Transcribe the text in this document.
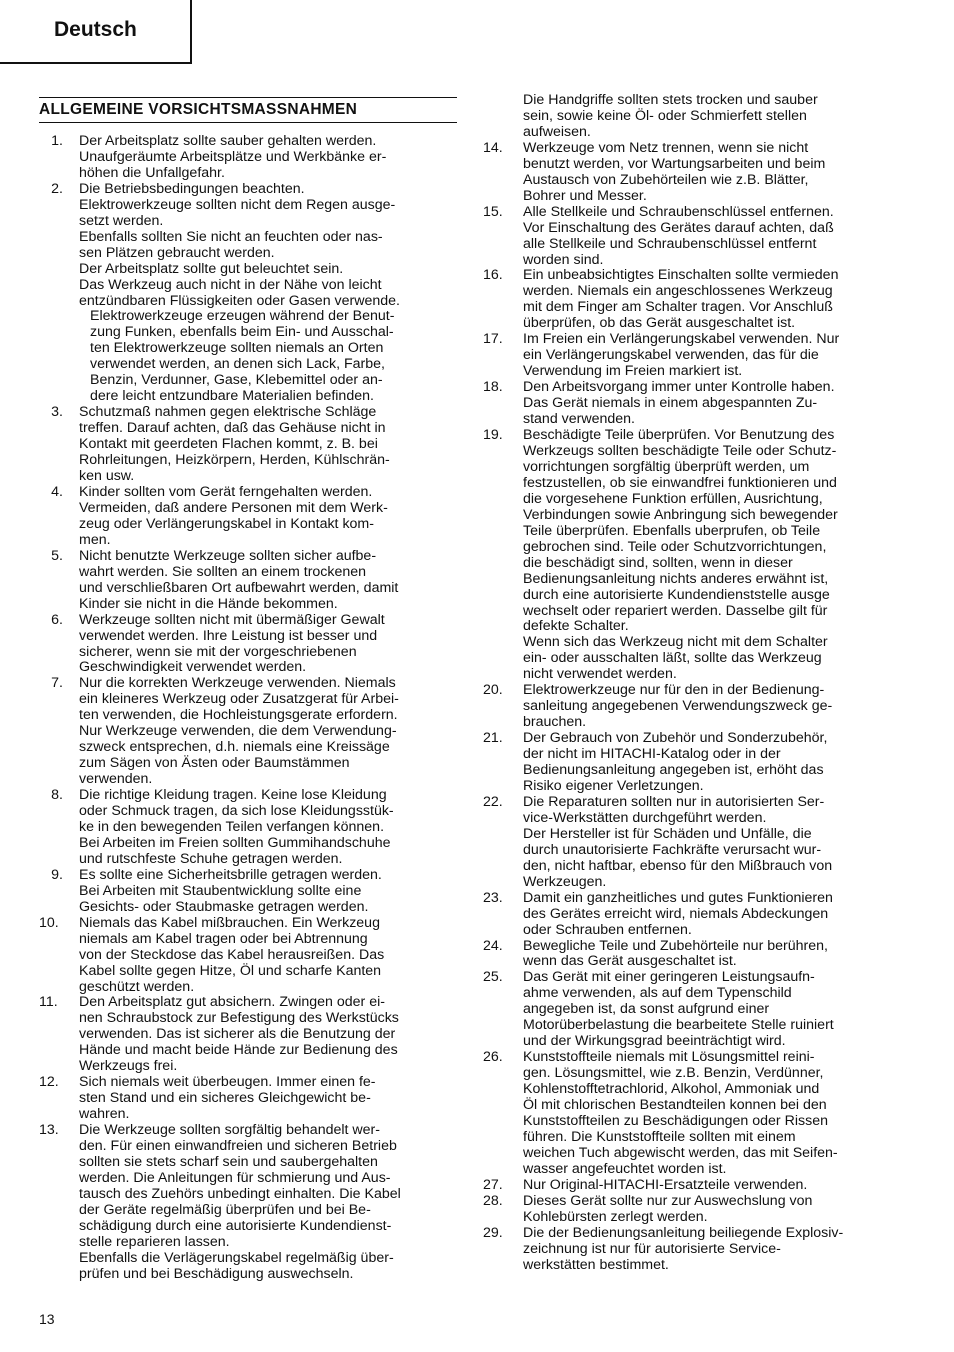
Deutsch
ALLGEMEINE VORSICHTSMASSNAHMEN
1. Der Arbeitsplatz sollte sauber gehalten werden.
Unaufgeräumte Arbeitsplätze und Werkbänke er-
höhen die Unfallgefahr.

2. Die Betriebsbedingungen beachten.
Elektrowerkzeuge sollten nicht dem Regen ausge-
setzt werden.
Ebenfalls sollten Sie nicht an feuchten oder nas-
sen Plätzen gebraucht werden.
Der Arbeitsplatz sollte gut beleuchtet sein.
Das Werkzeug auch nicht in der Nähe von leicht
entzündbaren Flüssigkeiten oder Gasen verwende.

Elektrowerkzeuge erzeugen während der Benut-
zung Funken, ebenfalls beim Ein- und Ausschal-
ten Elektrowerkzeuge sollten niemals an Orten
verwendet werden, an denen sich Lack, Farbe,
Benzin, Verdunner, Gase, Klebemittel oder an-
dere leicht entzundbare Materialien befinden.

3. Schutzmaß nahmen gegen elektrische Schläge
treffen. Darauf achten, daß das Gehäuse nicht in
Kontakt mit geerdeten Flachen kommt, z. B. bei
Rohrleitungen, Heizkörpern, Herden, Kühlschrän-
ken usw.

4. Kinder sollten vom Gerät ferngehalten werden.
Vermeiden, daß andere Personen mit dem Werk-
zeug oder Verlängerungskabel in Kontakt kom-
men.

5. Nicht benutzte Werkzeuge sollten sicher aufbe-
wahrt werden. Sie sollten an einem trockenen
und verschließbaren Ort aufbewahrt werden, damit
Kinder sie nicht in die Hände bekommen.

6. Werkzeuge sollten nicht mit übermäßiger Gewalt
verwendet werden. Ihre Leistung ist besser und
sicherer, wenn sie mit der vorgeschriebenen
Geschwindigkeit verwendet werden.

7. Nur die korrekten Werkzeuge verwenden. Niemals
ein kleineres Werkzeug oder Zusatzgerat für Arbei-
ten verwenden, die Hochleistungsgerate erfordern.
Nur Werkzeuge verwenden, die dem Verwendung-
szweck entsprechen, d.h. niemals eine Kreissäge
zum Sägen von Ästen oder Baumstämmen
verwenden.

8. Die richtige Kleidung tragen. Keine lose Kleidung
oder Schmuck tragen, da sich lose Kleidungsstük-
ke in den bewegenden Teilen verfangen können.
Bei Arbeiten im Freien sollten Gummihandschuhe
und rutschfeste Schuhe getragen werden.

9. Es sollte eine Sicherheitsbrille getragen werden.
Bei Arbeiten mit Staubentwicklung sollte eine
Gesichts- oder Staubmaske getragen werden.

10. Niemals das Kabel mißbrauchen. Ein Werkzeug
niemals am Kabel tragen oder bei Abtrennung
von der Steckdose das Kabel herausreißen. Das
Kabel sollte gegen Hitze, Öl und scharfe Kanten
geschützt werden.

11. Den Arbeitsplatz gut absichern. Zwingen oder ei-
nen Schraubstock zur Befestigung des Werkstücks
verwenden. Das ist sicherer als die Benutzung der
Hände und macht beide Hände zur Bedienung des
Werkzeugs frei.

12. Sich niemals weit überbeugen. Immer einen fe-
sten Stand und ein sicheres Gleichgewicht be-
wahren.

13. Die Werkzeuge sollten sorgfältig behandelt wer-
den. Für einen einwandfreien und sicheren Betrieb
sollten sie stets scharf sein und saubergehalten
werden. Die Anleitungen für schmierung und Aus-
tausch des Zuehörs unbedingt einhalten. Die Kabel
der Geräte regelmäßig überprüfen und bei Be-
schädigung durch eine autorisierte Kundendienst-
stelle reparieren lassen.
Ebenfalls die Verlägerungskabel regelmäßig über-
prüfen und bei Beschädigung auswechseln.

Die Handgriffe sollten stets trocken und sauber
sein, sowie keine Öl- oder Schmierfett stellen
aufweisen.

14. Werkzeuge vom Netz trennen, wenn sie nicht
benutzt werden, vor Wartungsarbeiten und beim
Austausch von Zubehörteilen wie z.B. Blätter,
Bohrer und Messer.

15. Alle Stellkeile und Schraubenschlüssel entfernen.
Vor Einschaltung des Gerätes darauf achten, daß
alle Stellkeile und Schraubenschlüssel entfernt
worden sind.

16. Ein unbeabsichtigtes Einschalten sollte vermieden
werden. Niemals ein angeschlossenes Werkzeug
mit dem Finger am Schalter tragen. Vor Anschluß
überprüfen, ob das Gerät ausgeschaltet ist.

17. Im Freien ein Verlängerungskabel verwenden. Nur
ein Verlängerungskabel verwenden, das für die
Verwendung im Freien markiert ist.

18. Den Arbeitsvorgang immer unter Kontrolle haben.
Das Gerät niemals in einem abgespannten Zu-
stand verwenden.

19. Beschädigte Teile überprüfen. Vor Benutzung des
Werkzeugs sollten beschädigte Teile oder Schutz-
vorrichtungen sorgfältig überprüft werden, um
festzustellen, ob sie einwandfrei funktionieren und
die vorgesehene Funktion erfüllen, Ausrichtung,
Verbindungen sowie Anbringung sich bewegender
Teile überprüfen. Ebenfalls uberprufen, ob Teile
gebrochen sind. Teile oder Schutzvorrichtungen,
die beschädigt sind, sollten, wenn in dieser
Bedienungsanleitung nichts anderes erwähnt ist,
durch eine autorisierte Kundendienststelle ausge
wechselt oder repariert werden. Dasselbe gilt für
defekte Schalter.
Wenn sich das Werkzeug nicht mit dem Schalter
ein- oder ausschalten läßt, sollte das Werkzeug
nicht verwendet werden.

20. Elektrowerkzeuge nur für den in der Bedienung-
sanleitung angegebenen Verwendungszweck ge-
brauchen.

21. Der Gebrauch von Zubehör und Sonderzubehör,
der nicht im HITACHI-Katalog oder in der
Bedienungsanleitung angegeben ist, erhöht das
Risiko eigener Verletzungen.

22. Die Reparaturen sollten nur in autorisierten Ser-
vice-Werkstätten durchgeführt werden.
Der Hersteller ist für Schäden und Unfälle, die
durch unautorisierte Fachkräfte verursacht wur-
den, nicht haftbar, ebenso für den Mißbrauch von
Werkzeugen.

23. Damit ein ganzheitliches und gutes Funktionieren
des Gerätes erreicht wird, niemals Abdeckungen
oder Schrauben entfernen.

24. Bewegliche Teile und Zubehörteile nur berühren,
wenn das Gerät ausgeschaltet ist.

25. Das Gerät mit einer geringeren Leistungsaufn-
ahme verwenden, als auf dem Typenschild
angegeben ist, da sonst aufgrund einer
Motorüberbelastung die bearbeitete Stelle ruiniert
und der Wirkungsgrad beeinträchtigt wird.

26. Kunststoffteile niemals mit Lösungsmittel reini-
gen. Lösungsmittel, wie z.B. Benzin, Verdünner,
Kohlenstofftetrachlorid, Alkohol, Ammoniak und
Öl mit chlorischen Bestandteilen konnen bei den
Kunststoffteilen zu Beschädigungen oder Rissen
führen. Die Kunststoffteile sollten mit einem
weichen Tuch abgewischt werden, das mit Seifen-
wasser angefeuchtet worden ist.

27. Nur Original-HITACHI-Ersatzteile verwenden.

28. Dieses Gerät sollte nur zur Auswechslung von
Kohlebürsten zerlegt werden.

29. Die der Bedienungsanleitung beiliegende Explosiv-
zeichnung ist nur für autorisierte Service-
werkstätten bestimmet.

13
